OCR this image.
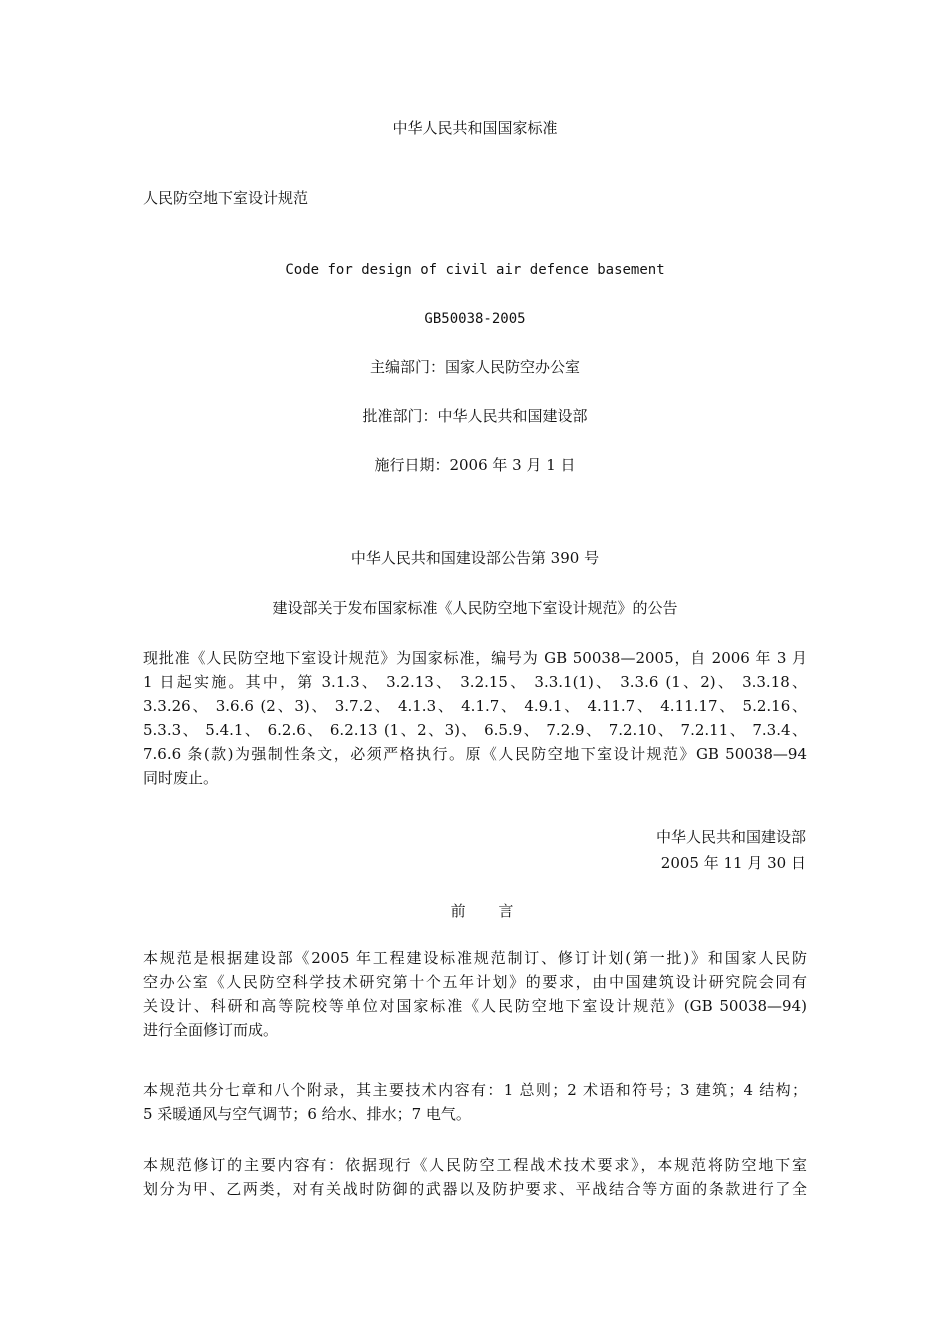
中华人民共和国国家标准
人民防空地下室设计规范
Code for design of civil air defence basement
GB50038-2005
主编部门：国家人民防空办公室
批准部门：中华人民共和国建设部
施行日期：2006 年 3 月 1 日
中华人民共和国建设部公告第 390 号
建设部关于发布国家标准《人民防空地下室设计规范》的公告
现批准《人民防空地下室设计规范》为国家标准，编号为 GB 50038—2005，自 2006 年 3 月
1 日起实施。其中，第 3.1.3、 3.2.13、 3.2.15、 3.3.1(1)、 3.3.6 (1、2)、 3.3.18、
3.3.26、 3.6.6 (2、3)、 3.7.2、 4.1.3、 4.1.7、 4.9.1、 4.11.7、 4.11.17、 5.2.16、
5.3.3、 5.4.1、 6.2.6、 6.2.13 (1、2、3)、 6.5.9、 7.2.9、 7.2.10、 7.2.11、 7.3.4、
7.6.6 条(款)为强制性条文，必须严格执行。原《人民防空地下室设计规范》GB 50038—94
同时废止。
中华人民共和国建设部
2005 年 11 月 30 日
前 言
本规范是根据建设部《2005 年工程建设标准规范制订、修订计划(第一批)》和国家人民防
空办公室《人民防空科学技术研究第十个五年计划》的要求，由中国建筑设计研究院会同有
关设计、科研和高等院校等单位对国家标准《人民防空地下室设计规范》(GB 50038—94)
进行全面修订而成。
本规范共分七章和八个附录，其主要技术内容有：1 总则；2 术语和符号；3 建筑；4 结构；
5 采暖通风与空气调节；6 给水、排水；7 电气。
本规范修订的主要内容有：依据现行《人民防空工程战术技术要求》，本规范将防空地下室
划分为甲、乙两类，对有关战时防御的武器以及防护要求、平战结合等方面的条款进行了全
